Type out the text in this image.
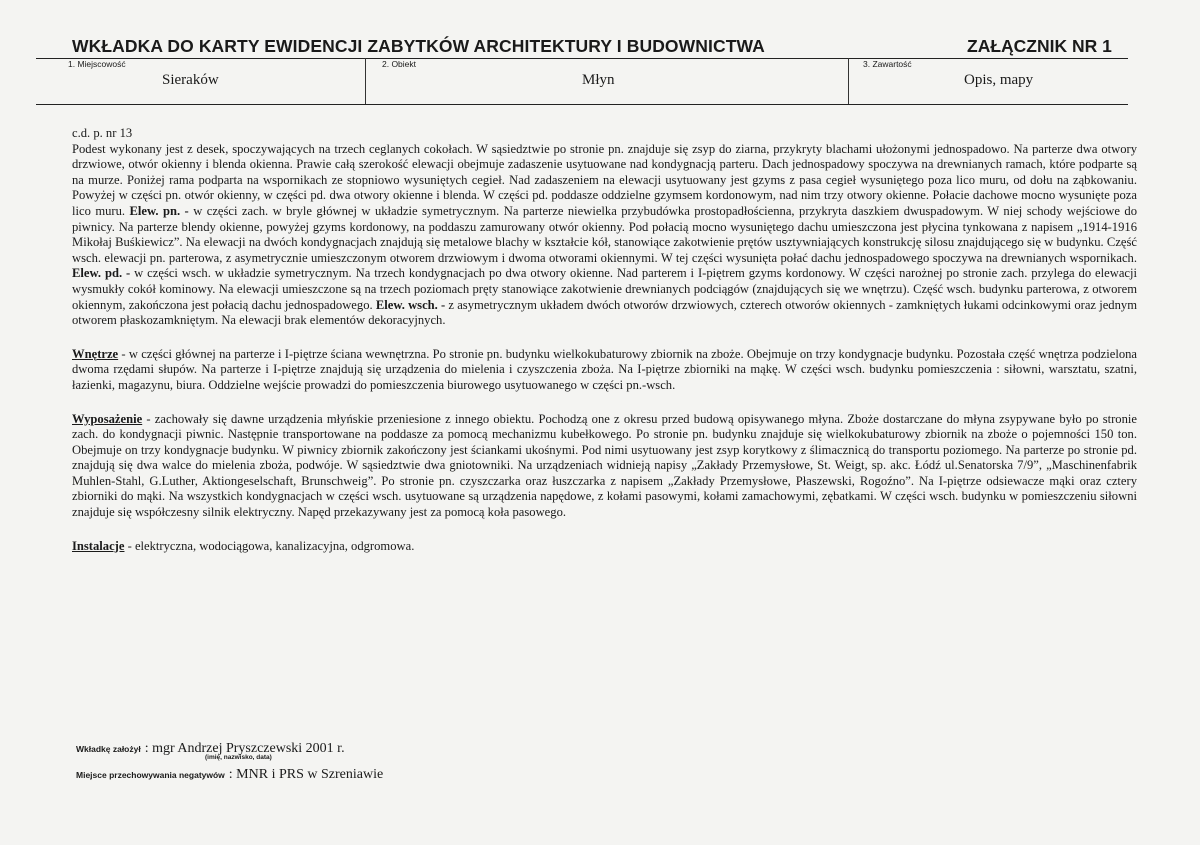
WKŁADKA DO KARTY EWIDENCJI ZABYTKÓW ARCHITEKTURY I BUDOWNICTWA	ZAŁĄCZNIK NR 1
1. Miejscowość
Sieraków
2. Obiekt
Młyn
3. Zawartość
Opis, mapy

c.d. p. nr 13

Podest wykonany jest z desek, spoczywających na trzech ceglanych cokołach. W sąsiedztwie po stronie pn. znajduje się zsyp do ziarna, przykryty blachami ułożonymi jednospadowo. Na parterze dwa otwory drzwiowe, otwór okienny i blenda okienna. Prawie całą szerokość elewacji obejmuje zadaszenie usytuowane nad kondygnacją parteru. Dach jednospadowy spoczywa na drewnianych ramach, które podparte są na murze. Poniżej rama podparta na wspornikach ze stopniowo wysuniętych cegieł. Nad zadaszeniem na elewacji usytuowany jest gzyms z pasa cegieł wysuniętego poza lico muru, od dołu na ząbkowaniu. Powyżej w części pn. otwór okienny, w części pd. dwa otwory okienne i blenda. W części pd. poddasze oddzielne gzymsem kordonowym, nad nim trzy otwory okienne. Połacie dachowe mocno wysunięte poza lico muru. Elew. pn. - w części zach. w bryle głównej w układzie symetrycznym. Na parterze niewielka przybudówka prostopadłościenna, przykryta daszkiem dwuspadowym. W niej schody wejściowe do piwnicy. Na parterze blendy okienne, powyżej gzyms kordonowy, na poddaszu zamurowany otwór okienny. Pod połacią mocno wysuniętego dachu umieszczona jest płycina tynkowana z napisem „1914-1916 Mikołaj Buśkiewicz”. Na elewacji na dwóch kondygnacjach znajdują się metalowe blachy w kształcie kół, stanowiące zakotwienie prętów usztywniających konstrukcję silosu znajdującego się w budynku. Część wsch. elewacji pn. parterowa, z asymetrycznie umieszczonym otworem drzwiowym i dwoma otworami okiennymi. W tej części wysunięta połać dachu jednospadowego spoczywa na drewnianych wspornikach. Elew. pd. - w części wsch. w układzie symetrycznym. Na trzech kondygnacjach po dwa otwory okienne. Nad parterem i I-piętrem gzyms kordonowy. W części narożnej po stronie zach. przylega do elewacji wysmukły cokół kominowy. Na elewacji umieszczone są na trzech poziomach pręty stanowiące zakotwienie drewnianych podciągów (znajdujących się we wnętrzu). Część wsch. budynku parterowa, z otworem okiennym, zakończona jest połacią dachu jednospadowego. Elew. wsch. - z asymetrycznym układem dwóch otworów drzwiowych, czterech otworów okiennych - zamkniętych łukami odcinkowymi oraz jednym otworem płaskozamkniętym. Na elewacji brak elementów dekoracyjnych.

Wnętrze - w części głównej na parterze i I-piętrze ściana wewnętrzna. Po stronie pn. budynku wielkokubaturowy zbiornik na zboże. Obejmuje on trzy kondygnacje budynku. Pozostała część wnętrza podzielona dwoma rzędami słupów. Na parterze i I-piętrze znajdują się urządzenia do mielenia i czyszczenia zboża. Na I-piętrze zbiorniki na mąkę. W części wsch. budynku pomieszczenia : siłowni, warsztatu, szatni, łazienki, magazynu, biura. Oddzielne wejście prowadzi do pomieszczenia biurowego usytuowanego w części pn.-wsch.

Wyposażenie - zachowały się dawne urządzenia młyńskie przeniesione z innego obiektu. Pochodzą one z okresu przed budową opisywanego młyna. Zboże dostarczane do młyna zsypywane było po stronie zach. do kondygnacji piwnic. Następnie transportowane na poddasze za pomocą mechanizmu kubełkowego. Po stronie pn. budynku znajduje się wielkokubaturowy zbiornik na zboże o pojemności 150 ton. Obejmuje on trzy kondygnacje budynku. W piwnicy zbiornik zakończony jest ściankami ukośnymi. Pod nimi usytuowany jest zsyp korytkowy z ślimacznicą do transportu poziomego. Na parterze po stronie pd. znajdują się dwa walce do mielenia zboża, podwóje. W sąsiedztwie dwa gniotowniki. Na urządzeniach widnieją napisy „Zakłady Przemysłowe, St. Weigt, sp. akc. Łódź ul.Senatorska 7/9”, „Maschinenfabrik Muhlen-Stahl, G.Luther, Aktiongeselschaft, Brunschweig”. Po stronie pn. czyszczarka oraz łuszczarka z napisem „Zakłady Przemysłowe, Płaszewski, Rogoźno”. Na I-piętrze odsiewacze mąki oraz cztery zbiorniki do mąki. Na wszystkich kondygnacjach w części wsch. usytuowane są urządzenia napędowe, z kołami pasowymi, kołami zamachowymi, zębatkami. W części wsch. budynku w pomieszczeniu siłowni znajduje się współczesny silnik elektryczny. Napęd przekazywany jest za pomocą koła pasowego.

Instalacje - elektryczna, wodociągowa, kanalizacyjna, odgromowa.

Wkładkę założył : mgr Andrzej Pryszczewski 2001 r.
(imię, nazwisko, data)
Miejsce przechowywania negatywów : MNR i PRS w Szreniawie
